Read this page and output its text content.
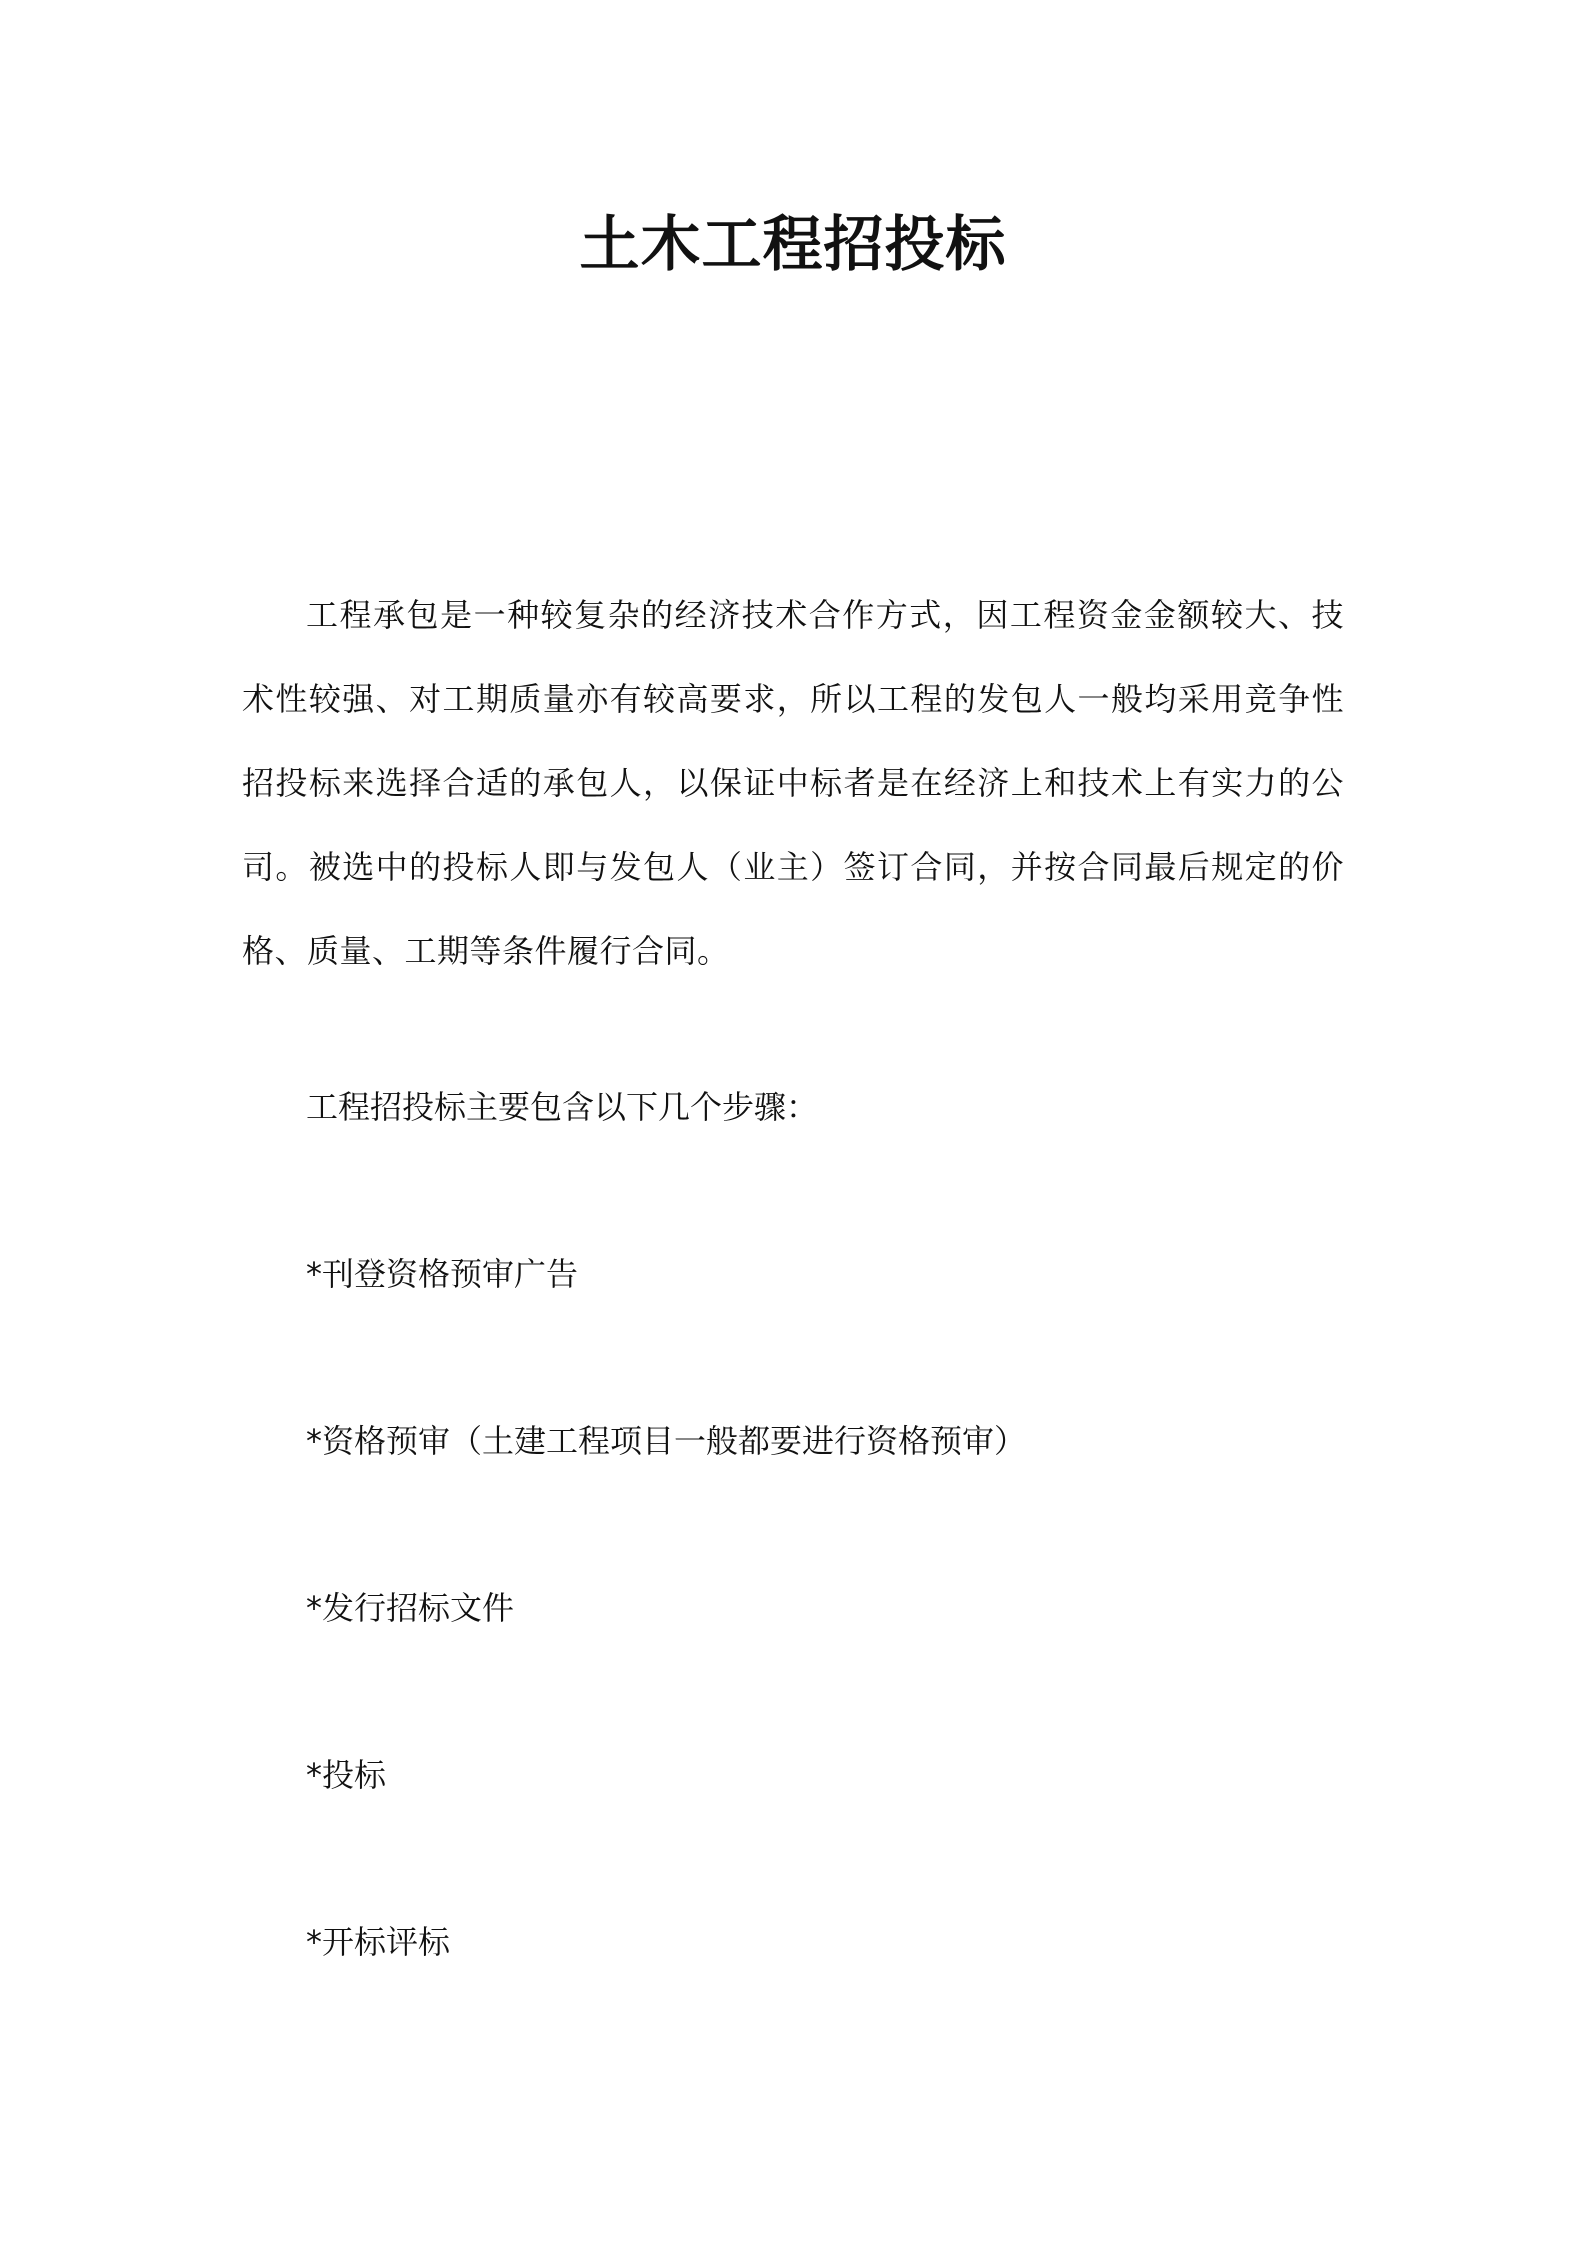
土木工程招投标

工程承包是一种较复杂的经济技术合作方式，因工程资金金额较大、技术性较强、对工期质量亦有较高要求，所以工程的发包人一般均采用竞争性招投标来选择合适的承包人，以保证中标者是在经济上和技术上有实力的公司。被选中的投标人即与发包人（业主）签订合同，并按合同最后规定的价格、质量、工期等条件履行合同。

工程招投标主要包含以下几个步骤：

*刊登资格预审广告

*资格预审（土建工程项目一般都要进行资格预审）

*发行招标文件

*投标

*开标评标
